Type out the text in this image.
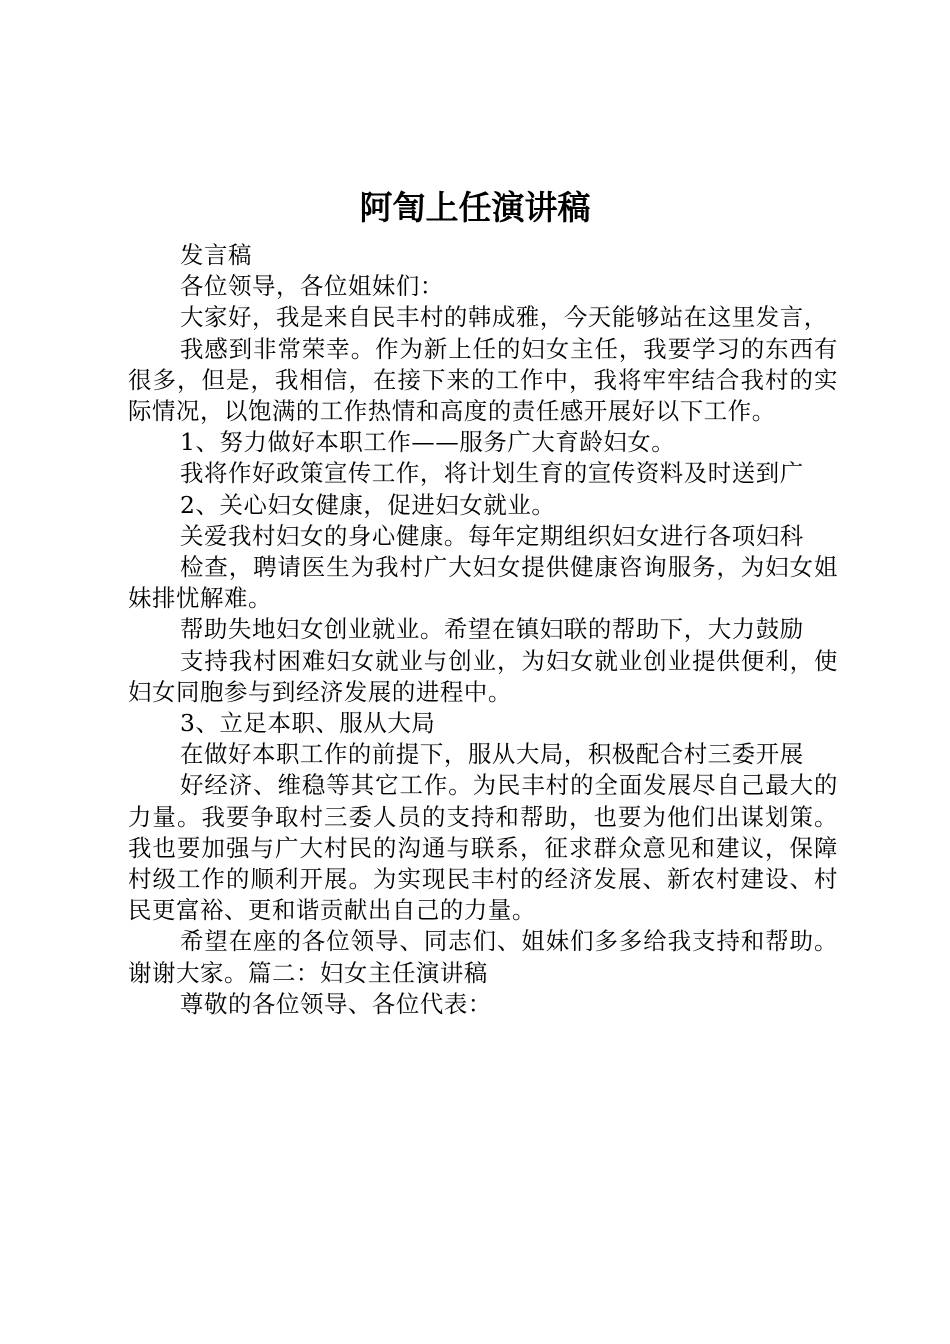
阿訇上任演讲稿

发言稿

各位领导，各位姐妹们：

大家好，我是来自民丰村的韩成雅，今天能够站在这里发言，

我感到非常荣幸。作为新上任的妇女主任，我要学习的东西有很多，但是，我相信，在接下来的工作中，我将牢牢结合我村的实际情况，以饱满的工作热情和高度的责任感开展好以下工作。

1、努力做好本职工作——服务广大育龄妇女。

我将作好政策宣传工作，将计划生育的宣传资料及时送到广

2、关心妇女健康，促进妇女就业。

关爱我村妇女的身心健康。每年定期组织妇女进行各项妇科

检查，聘请医生为我村广大妇女提供健康咨询服务，为妇女姐妹排忧解难。

帮助失地妇女创业就业。希望在镇妇联的帮助下，大力鼓励

支持我村困难妇女就业与创业，为妇女就业创业提供便利，使妇女同胞参与到经济发展的进程中。

3、立足本职、服从大局

在做好本职工作的前提下，服从大局，积极配合村三委开展

好经济、维稳等其它工作。为民丰村的全面发展尽自己最大的力量。我要争取村三委人员的支持和帮助，也要为他们出谋划策。我也要加强与广大村民的沟通与联系，征求群众意见和建议，保障村级工作的顺利开展。为实现民丰村的经济发展、新农村建设、村民更富裕、更和谐贡献出自己的力量。

希望在座的各位领导、同志们、姐妹们多多给我支持和帮助。谢谢大家。篇二：妇女主任演讲稿

尊敬的各位领导、各位代表：
